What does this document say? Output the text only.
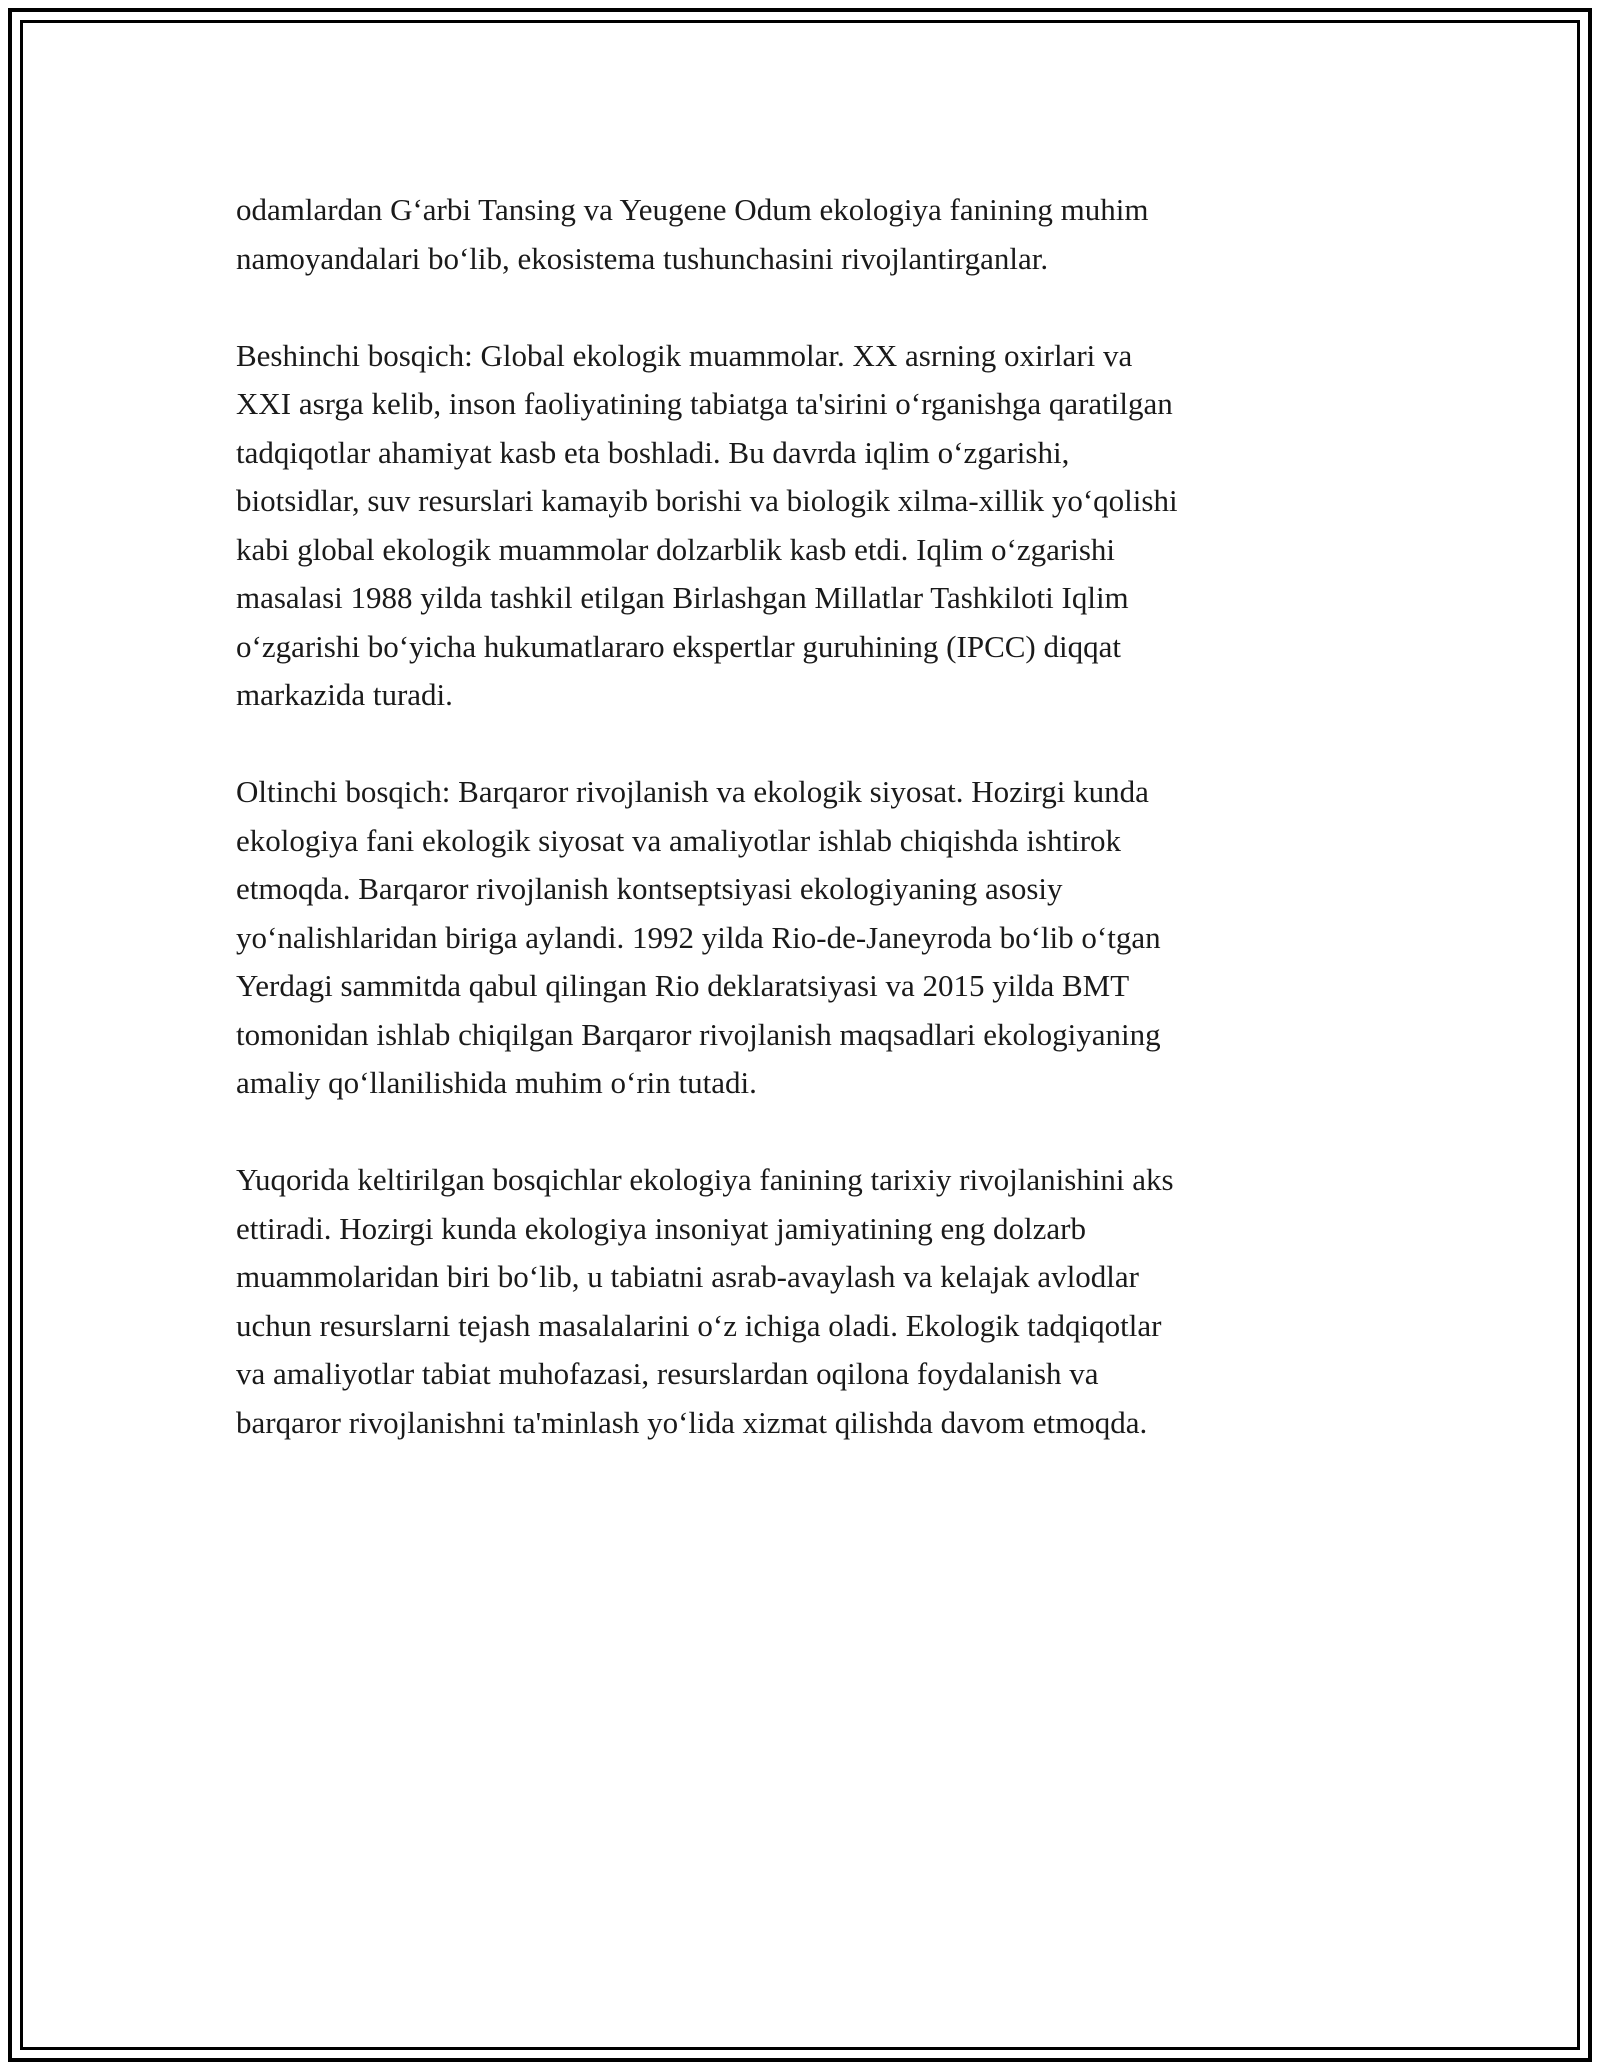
odamlardan G‘arbi Tansing va Yeugene Odum ekologiya fanining muhim
namoyandalari bo‘lib, ekosistema tushunchasini rivojlantirganlar.

Beshinchi bosqich: Global ekologik muammolar. XX asrning oxirlari va
XXI asrga kelib, inson faoliyatining tabiatga ta'sirini o‘rganishga qaratilgan
tadqiqotlar ahamiyat kasb eta boshladi. Bu davrda iqlim o‘zgarishi,
biotsidlar, suv resurslari kamayib borishi va biologik xilma-xillik yo‘qolishi
kabi global ekologik muammolar dolzarblik kasb etdi. Iqlim o‘zgarishi
masalasi 1988 yilda tashkil etilgan Birlashgan Millatlar Tashkiloti Iqlim
o‘zgarishi bo‘yicha hukumatlararo ekspertlar guruhining (IPCC) diqqat
markazida turadi.

Oltinchi bosqich: Barqaror rivojlanish va ekologik siyosat. Hozirgi kunda
ekologiya fani ekologik siyosat va amaliyotlar ishlab chiqishda ishtirok
etmoqda. Barqaror rivojlanish kontseptsiyasi ekologiyaning asosiy
yo‘nalishlaridan biriga aylandi. 1992 yilda Rio-de-Janeyroda bo‘lib o‘tgan
Yerdagi sammitda qabul qilingan Rio deklaratsiyasi va 2015 yilda BMT
tomonidan ishlab chiqilgan Barqaror rivojlanish maqsadlari ekologiyaning
amaliy qo‘llanilishida muhim o‘rin tutadi.

Yuqorida keltirilgan bosqichlar ekologiya fanining tarixiy rivojlanishini aks
ettiradi. Hozirgi kunda ekologiya insoniyat jamiyatining eng dolzarb
muammolaridan biri bo‘lib, u tabiatni asrab-avaylash va kelajak avlodlar
uchun resurslarni tejash masalalarini o‘z ichiga oladi. Ekologik tadqiqotlar
va amaliyotlar tabiat muhofazasi, resurslardan oqilona foydalanish va
barqaror rivojlanishni ta'minlash yo‘lida xizmat qilishda davom etmoqda.
